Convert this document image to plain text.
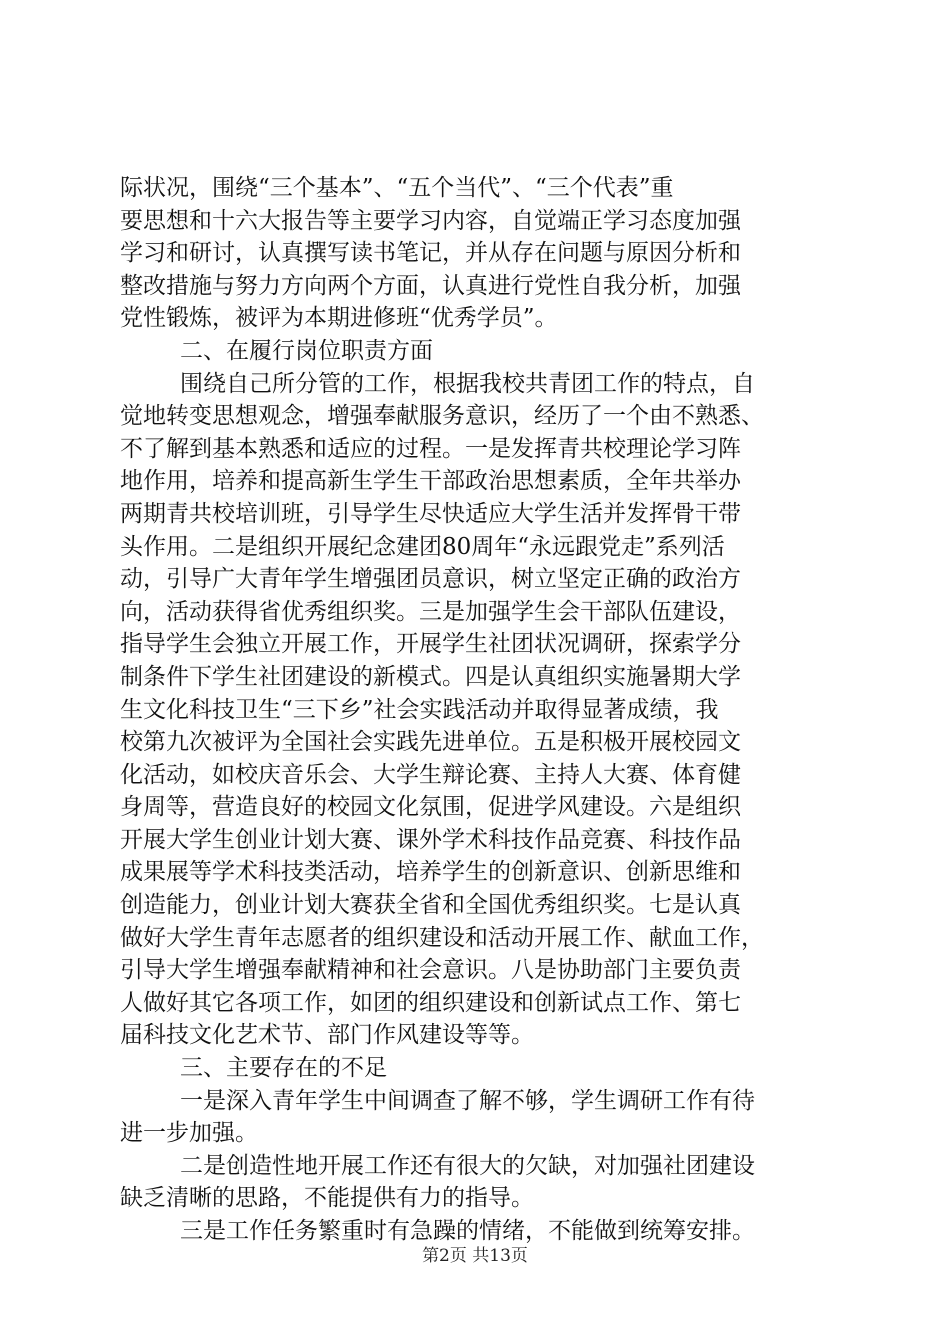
际状况，围绕“三个基本”、“五个当代”、“三个代表”重
要思想和十六大报告等主要学习内容，自觉端正学习态度加强
学习和研讨，认真撰写读书笔记，并从存在问题与原因分析和
整改措施与努力方向两个方面，认真进行党性自我分析，加强
党性锻炼，被评为本期进修班“优秀学员”。
二、在履行岗位职责方面
围绕自己所分管的工作，根据我校共青团工作的特点，自
觉地转变思想观念，增强奉献服务意识，经历了一个由不熟悉、
不了解到基本熟悉和适应的过程。一是发挥青共校理论学习阵
地作用，培养和提高新生学生干部政治思想素质，全年共举办
两期青共校培训班，引导学生尽快适应大学生活并发挥骨干带
头作用。二是组织开展纪念建团80周年“永远跟党走”系列活
动，引导广大青年学生增强团员意识，树立坚定正确的政治方
向，活动获得省优秀组织奖。三是加强学生会干部队伍建设，
指导学生会独立开展工作，开展学生社团状况调研，探索学分
制条件下学生社团建设的新模式。四是认真组织实施暑期大学
生文化科技卫生“三下乡”社会实践活动并取得显著成绩，我
校第九次被评为全国社会实践先进单位。五是积极开展校园文
化活动，如校庆音乐会、大学生辩论赛、主持人大赛、体育健
身周等，营造良好的校园文化氛围，促进学风建设。六是组织
开展大学生创业计划大赛、课外学术科技作品竞赛、科技作品
成果展等学术科技类活动，培养学生的创新意识、创新思维和
创造能力，创业计划大赛获全省和全国优秀组织奖。七是认真
做好大学生青年志愿者的组织建设和活动开展工作、献血工作，
引导大学生增强奉献精神和社会意识。八是协助部门主要负责
人做好其它各项工作，如团的组织建设和创新试点工作、第七
届科技文化艺术节、部门作风建设等等。
三、主要存在的不足
一是深入青年学生中间调查了解不够，学生调研工作有待
进一步加强。
二是创造性地开展工作还有很大的欠缺，对加强社团建设
缺乏清晰的思路，不能提供有力的指导。
三是工作任务繁重时有急躁的情绪，不能做到统筹安排。
第2页 共13页
